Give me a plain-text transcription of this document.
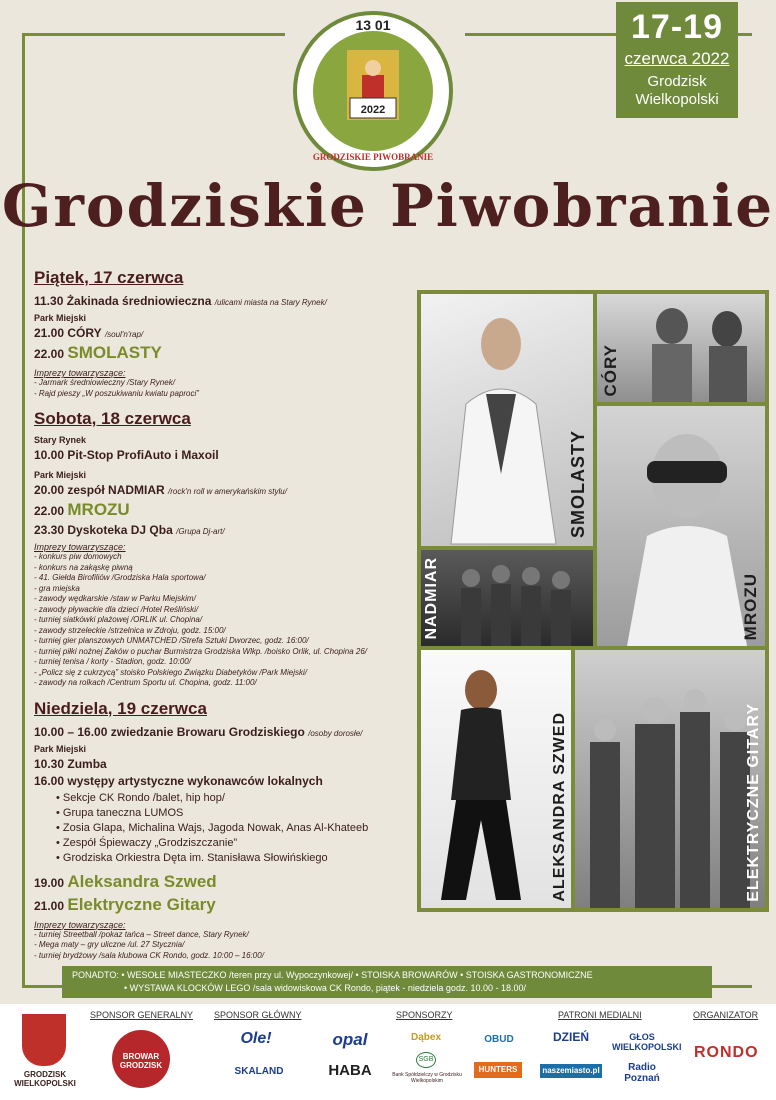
17-19
czerwca 2022
Grodzisk
Wielkopolski
2022
13 01
GRODZISKIE PIWOBRANIE
Grodziskie Piwobranie
Piątek, 17 czerwca
11.30 Żakinada średniowieczna /ulicami miasta na Stary Rynek/
Park Miejski
21.00 CÓRY /soul'n'rap/
22.00 SMOLASTY
Imprezy towarzyszące:
- Jarmark średniowieczny /Stary Rynek/
- Rajd pieszy „W poszukiwaniu kwiatu paproci”
Sobota, 18 czerwca
Stary Rynek
10.00 Pit-Stop ProfiAuto i Maxoil
Park Miejski
20.00 zespół NADMIAR /rock'n roll w amerykańskim stylu/
22.00 MROZU
23.30 Dyskoteka DJ Qba /Grupa Dj-art/
Imprezy towarzyszące:
- konkurs piw domowych
- konkurs na zakąskę piwną
- 41. Giełda Birofiliów /Grodziska Hala sportowa/
- gra miejska
- zawody wędkarskie /staw w Parku Miejskim/
- zawody pływackie dla dzieci /Hotel Reśliński/
- turniej siatkówki plażowej /ORLIK ul. Chopina/
- zawody strzeleckie /strzelnica w Zdroju, godz. 15:00/
- turniej gier planszowych UNMATCHED /Strefa Sztuki Dworzec, godz. 16:00/
- turniej piłki nożnej Żaków o puchar Burmistrza Grodziska Wlkp. /boisko Orlik, ul. Chopina 26/
- turniej tenisa / korty - Stadion, godz. 10:00/
- „Policz się z cukrzycą” stoisko Polskiego Związku Diabetyków /Park Miejski/
- zawody na rolkach /Centrum Sportu ul. Chopina, godz. 11:00/
Niedziela, 19 czerwca
10.00 – 16.00 zwiedzanie Browaru Grodziskiego /osoby dorosłe/
Park Miejski
10.30 Zumba
16.00 występy artystyczne wykonawców lokalnych
• Sekcje CK Rondo /balet, hip hop/
• Grupa taneczna LUMOS
• Zosia Glapa, Michalina Wajs, Jagoda Nowak, Anas Al-Khateeb
• Zespół Śpiewaczy „Grodziszczanie”
• Grodziska Orkiestra Dęta im. Stanisława Słowińskiego
19.00 Aleksandra Szwed
21.00 Elektryczne Gitary
Imprezy towarzyszące:
- turniej Streetball /pokaz tańca – Street dance, Stary Rynek/
- Mega maty – gry uliczne /ul. 27 Stycznia/
- turniej brydżowy /sala klubowa CK Rondo, godz. 10:00 – 16:00/
SMOLASTY
CÓRY
MROZU
NADMIAR
ALEKSANDRA SZWED	ELEKTRYCZNE GITARY
PONADTO: • WESOŁE MIASTECZKO /teren przy ul. Wypoczynkowej/ • STOISKA BROWARÓW • STOISKA GASTRONOMICZNE
• WYSTAWA KLOCKÓW LEGO /sala widowiskowa CK Rondo, piątek - niedziela godz. 10.00 - 18.00/
SPONSOR GENERALNY SPONSOR GŁÓWNY	SPONSORZY	PATRONI MEDIALNI	ORGANIZATOR
GRODZISK WIELKOPOLSKI
BROWAR GRODZISK
Ole!
SKALAND
opal
HABA
Dąbex
SGB
Bank Spółdzielczy w Grodzisku Wielkopolskim
OBUD
HUNTERS
DZIEŃ
naszemiasto.pl
GŁOS WIELKOPOLSKI
Radio Poznań
RONDO
